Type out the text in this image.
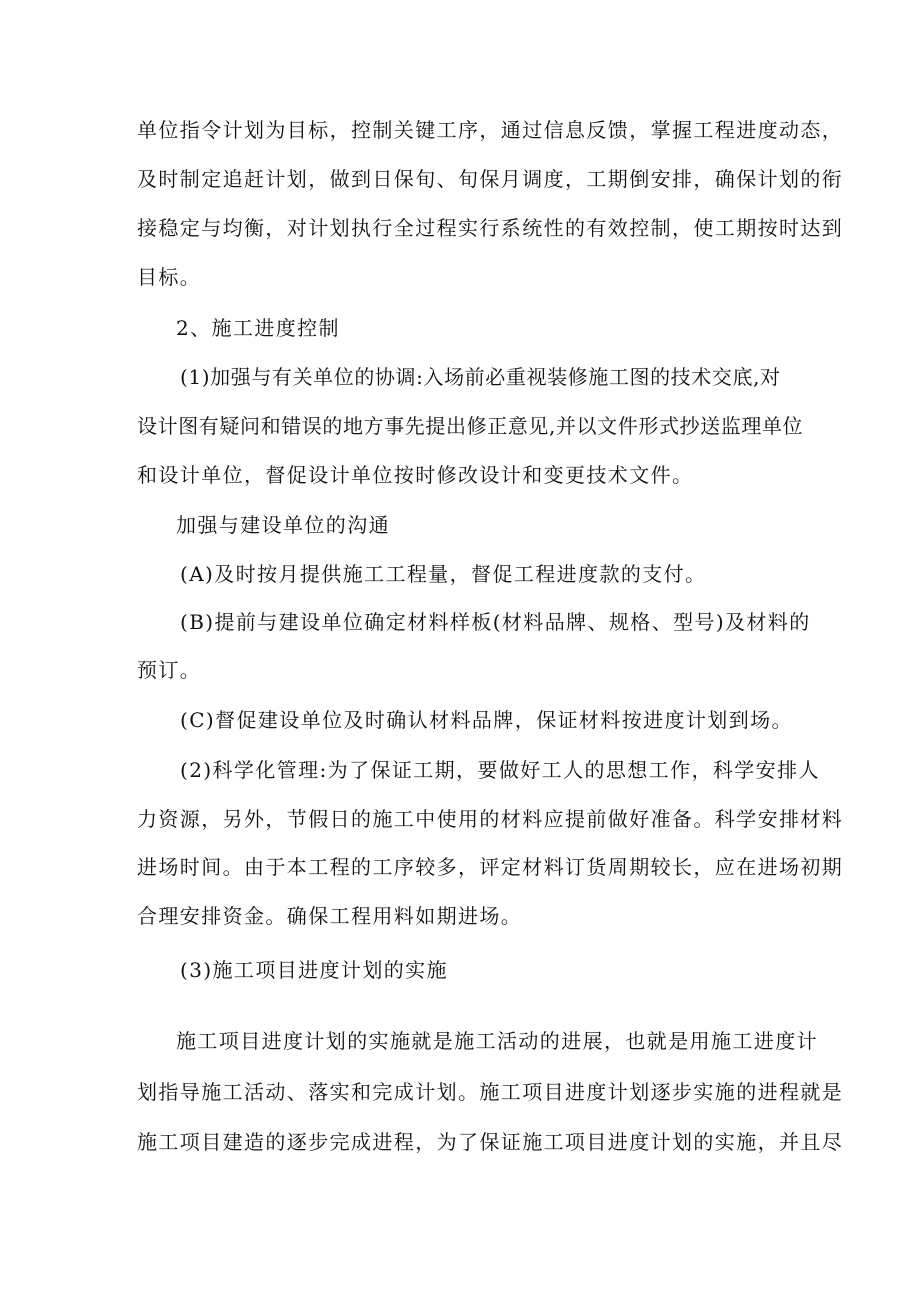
单位指令计划为目标，控制关键工序，通过信息反馈，掌握工程进度动态，
及时制定追赶计划，做到日保旬、旬保月调度，工期倒安排，确保计划的衔
接稳定与均衡，对计划执行全过程实行系统性的有效控制，使工期按时达到
目标。
2、施工进度控制
(1)加强与有关单位的协调:入场前必重视装修施工图的技术交底,对
设计图有疑问和错误的地方事先提出修正意见,并以文件形式抄送监理单位
和设计单位，督促设计单位按时修改设计和变更技术文件。
加强与建设单位的沟通
(A)及时按月提供施工工程量，督促工程进度款的支付。
(B)提前与建设单位确定材料样板(材料品牌、规格、型号)及材料的
预订。
(C)督促建设单位及时确认材料品牌，保证材料按进度计划到场。
(2)科学化管理:为了保证工期，要做好工人的思想工作，科学安排人
力资源，另外，节假日的施工中使用的材料应提前做好准备。科学安排材料
进场时间。由于本工程的工序较多，评定材料订货周期较长，应在进场初期
合理安排资金。确保工程用料如期进场。
(3)施工项目进度计划的实施
施工项目进度计划的实施就是施工活动的进展，也就是用施工进度计
划指导施工活动、落实和完成计划。施工项目进度计划逐步实施的进程就是
施工项目建造的逐步完成进程，为了保证施工项目进度计划的实施，并且尽
